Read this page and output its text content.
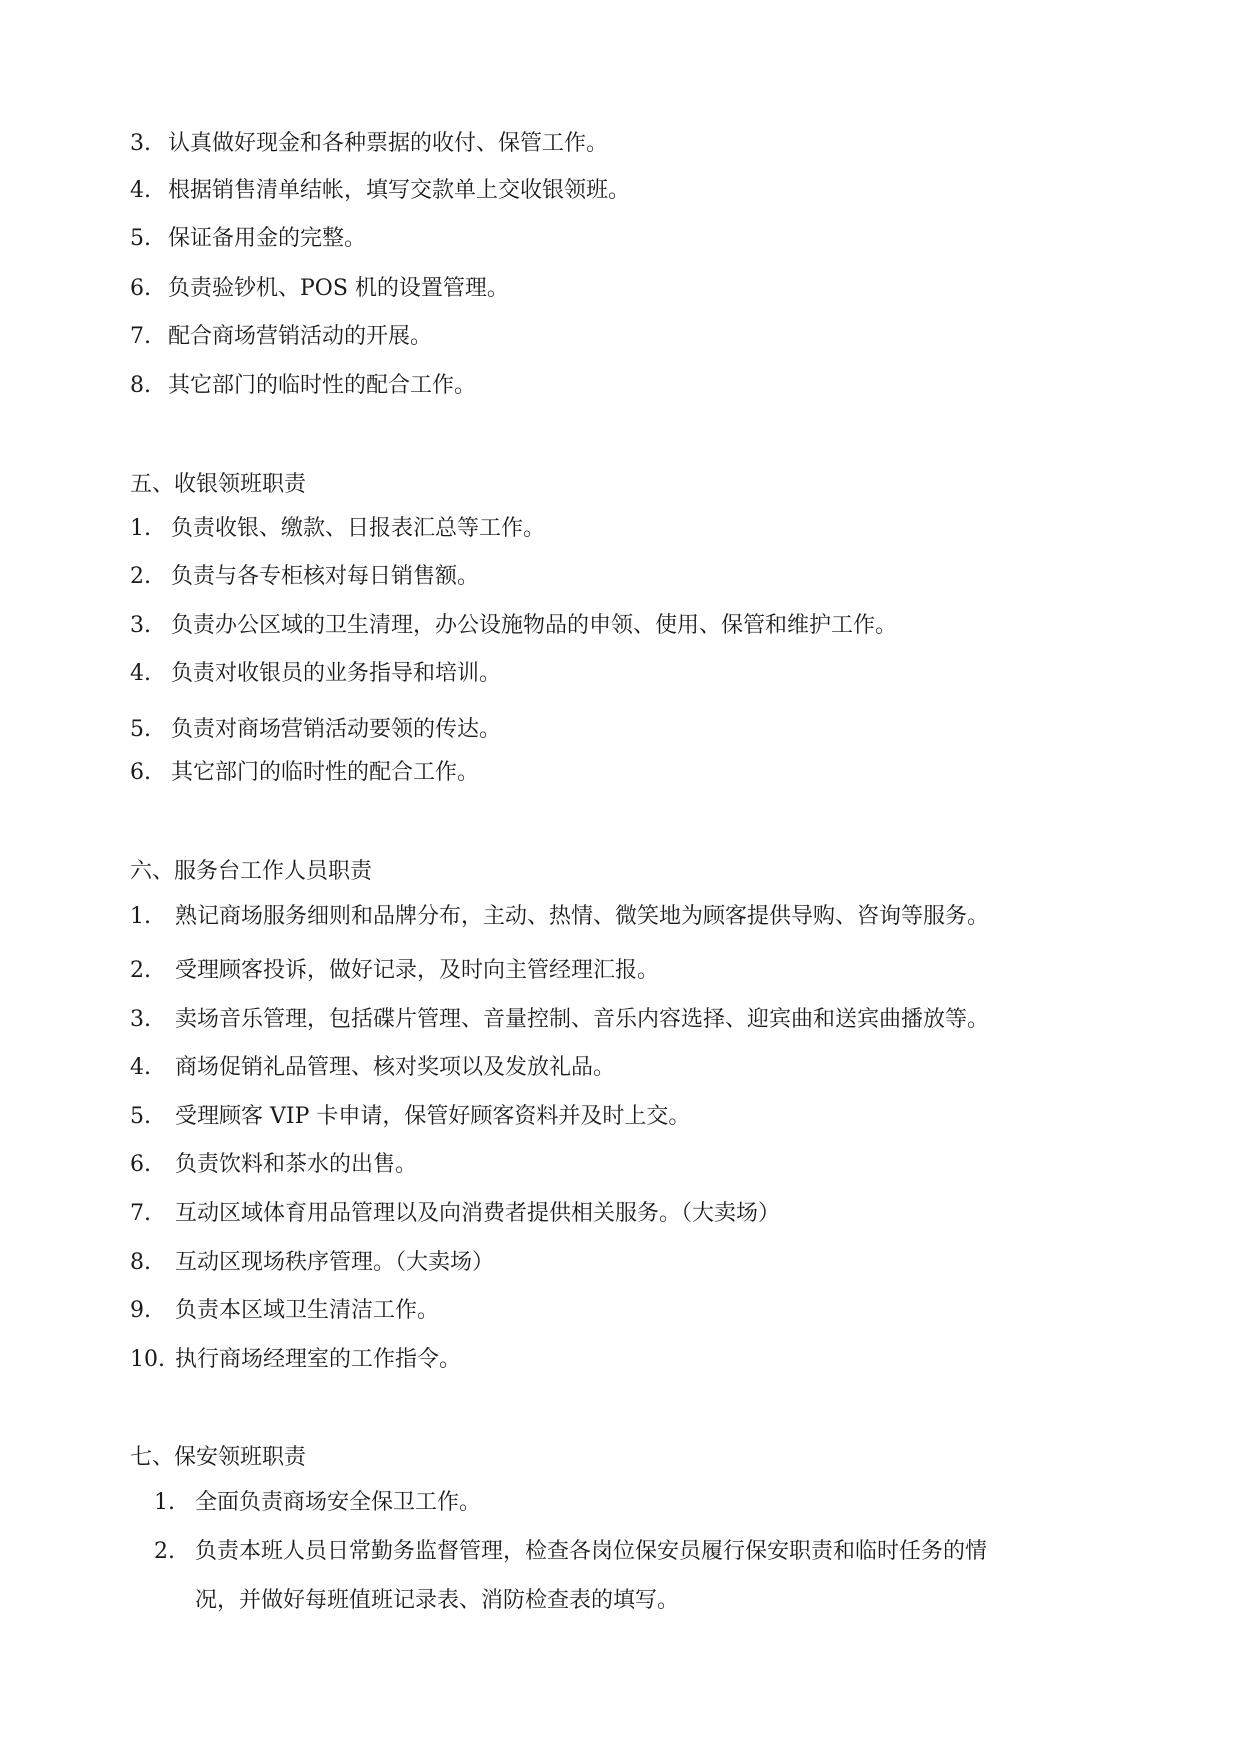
3. 认真做好现金和各种票据的收付、保管工作。
4. 根据销售清单结帐，填写交款单上交收银领班。
5. 保证备用金的完整。
6. 负责验钞机、POS 机的设置管理。
7. 配合商场营销活动的开展。
8. 其它部门的临时性的配合工作。
五、收银领班职责
1. 负责收银、缴款、日报表汇总等工作。
2. 负责与各专柜核对每日销售额。
3. 负责办公区域的卫生清理，办公设施物品的申领、使用、保管和维护工作。
4. 负责对收银员的业务指导和培训。
5. 负责对商场营销活动要领的传达。
6. 其它部门的临时性的配合工作。
六、服务台工作人员职责
1. 熟记商场服务细则和品牌分布，主动、热情、微笑地为顾客提供导购、咨询等服务。
2. 受理顾客投诉，做好记录，及时向主管经理汇报。
3. 卖场音乐管理，包括碟片管理、音量控制、音乐内容选择、迎宾曲和送宾曲播放等。
4. 商场促销礼品管理、核对奖项以及发放礼品。
5. 受理顾客 VIP 卡申请，保管好顾客资料并及时上交。
6. 负责饮料和茶水的出售。
7. 互动区域体育用品管理以及向消费者提供相关服务。（大卖场）
8. 互动区现场秩序管理。（大卖场）
9. 负责本区域卫生清洁工作。
10. 执行商场经理室的工作指令。
七、保安领班职责
1. 全面负责商场安全保卫工作。
2. 负责本班人员日常勤务监督管理，检查各岗位保安员履行保安职责和临时任务的情
况，并做好每班值班记录表、消防检查表的填写。
